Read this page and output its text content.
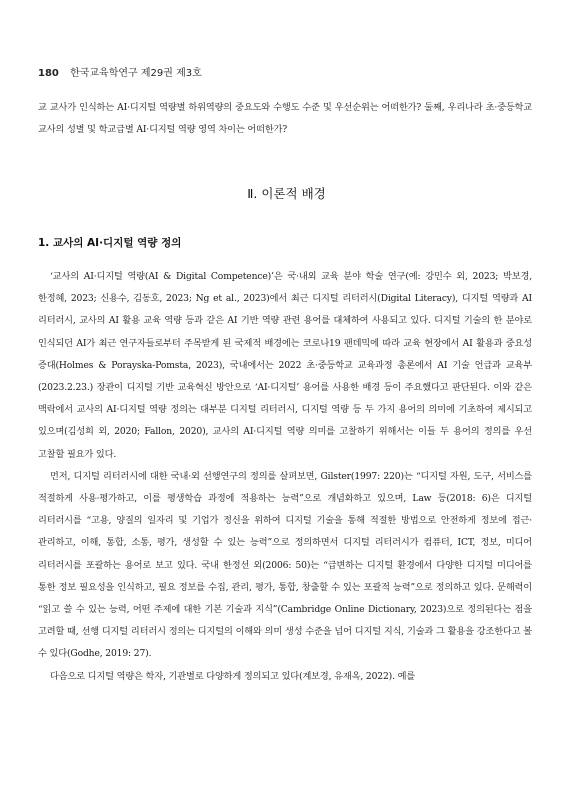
180 한국교육학연구 제29권 제3호

교 교사가 인식하는 AI·디지털 역량별 하위역량의 중요도와 수행도 수준 및 우선순위는 어떠한가? 둘째, 우리나라 초·중등학교 교사의 성별 및 학교급별 AI·디지털 역량 영역 차이는 어떠한가?

Ⅱ. 이론적 배경
1. 교사의 AI·디지털 역량 정의

‘교사의 AI·디지털 역량(AI & Digital Competence)’은 국·내외 교육 분야 학술 연구(예: 강민수 외, 2023; 박보경, 한정혜, 2023; 신용수, 김동호, 2023; Ng et al., 2023)에서 최근 디지털 리터러시(Digital Literacy), 디지털 역량과 AI 리터러시, 교사의 AI 활용 교육 역량 등과 같은 AI 기반 역량 관련 용어를 대체하여 사용되고 있다. 디지털 기술의 한 분야로 인식되던 AI가 최근 연구자들로부터 주목받게 된 국제적 배경에는 코로나19 팬데믹에 따라 교육 현장에서 AI 활용과 중요성 증대(Holmes & Porayska-Pomsta, 2023), 국내에서는 2022 초·중등학교 교육과정 총론에서 AI 기술 언급과 교육부(2023.2.23.) 장관이 디지털 기반 교육혁신 방안으로 ‘AI·디지털’ 용어를 사용한 배경 등이 주요했다고 판단된다. 이와 같은 맥락에서 교사의 AI·디지털 역량 정의는 대부분 디지털 리터러시, 디지털 역량 등 두 가지 용어의 의미에 기초하여 제시되고 있으며(김성희 외, 2020; Fallon, 2020), 교사의 AI·디지털 역량 의미를 고찰하기 위해서는 이들 두 용어의 정의를 우선 고찰할 필요가 있다.

먼저, 디지털 리터러시에 대한 국내·외 선행연구의 정의를 살펴보면, Gilster(1997: 220)는 “디지털 자원, 도구, 서비스를 적절하게 사용·평가하고, 이를 평생학습 과정에 적용하는 능력”으로 개념화하고 있으며, Law 등(2018: 6)은 디지털 리터러시를 “고용, 양질의 일자리 및 기업가 정신을 위하여 디지털 기술을 통해 적절한 방법으로 안전하게 정보에 접근·관리하고, 이해, 통합, 소통, 평가, 생성할 수 있는 능력”으로 정의하면서 디지털 리터러시가 컴퓨터, ICT, 정보, 미디어 리터러시를 포괄하는 용어로 보고 있다. 국내 한정선 외(2006: 50)는 “급변하는 디지털 환경에서 다양한 디지털 미디어를 통한 정보 필요성을 인식하고, 필요 정보를 수집, 관리, 평가, 통합, 창출할 수 있는 포괄적 능력”으로 정의하고 있다. 문해력이 “읽고 쓸 수 있는 능력, 어떤 주제에 대한 기본 기술과 지식”(Cambridge Online Dictionary, 2023)으로 정의된다는 점을 고려할 때, 선행 디지털 리터러시 정의는 디지털의 이해와 의미 생성 수준을 넘어 디지털 지식, 기술과 그 활용을 강조한다고 볼 수 있다(Godhe, 2019: 27).

다음으로 디지털 역량은 학자, 기관별로 다양하게 정의되고 있다(계보경, 유재옥, 2022). 예를
